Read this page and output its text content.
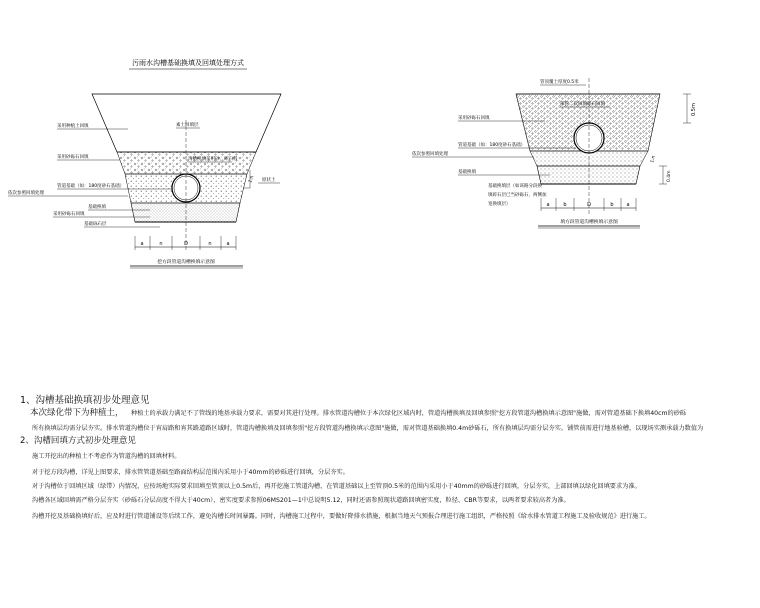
污雨水沟槽基础换填及回填处理方式
采用种植土回填
采用砂砾石回填
管道基础（如：180度砂石基础）
依次参照回填处理
基础换填
采用砂砾石回填
基础砾石层
素土回填层
沟槽换填采用砂、碎石料
1:n 原状土
a	n	D	n	a
挖方段管道沟槽换填示意图
管顶覆土厚度0.5米
部管二次回填碎石回填
采用砂砾石回填
管道基础（如：180度砂石基础）
依次参照回填处理
基础换填
基础换填层（如该路分段换
填碎石层已当砂砾石，两侧加
宽换填层）
0.5m
0.4m
1:n
a	b	D	b	a
填方段管道沟槽换填示意图
1、沟槽基础换填初步处理意见
本次绿化带下为种植土， 种植土的承载力满足不了管线的地基承载力要求，需要对其进行处理。排水管道沟槽位于本次绿化区域内时，管道沟槽换填及回填参照"挖方段管道沟槽换填示意图"施做，需对管道基础下换填40cm的砂砾
所有换填层均需分层夯实。排水管道沟槽位于宵肩路和宵其路道路区域时，管道沟槽换填及回填参照"挖方段管道沟槽换填示意图"施做，需对管道基础换填0.4m砂砾石，所有换填层均需分层夯实。铺管前需进行地基验槽，以现场实测承载力数值为
2、沟槽回填方式初步处理意见
施工开挖出的种植土不考虑作为管道沟槽的回填材料。
对于挖方段沟槽，详见上图要求，排水管管道基础至路面结构层范围内采用小于40mm的砂砾进行回填，分层夯实。
对于沟槽位于回填区域（绿带）内情况，应按场地实际要求回填至管顶以上0.5m后，再开挖施工管道沟槽，在管道基础以上至管顶0.5米的范围内采用小于40mm的砂砾进行回填，分层夯实，上部回填以绿化回填要求为准。
沟槽各区域回填需严格分层夯实（砂砾石分层高度不得大于40cm），密实度要求参照06MS201—1中总说明5.12，同时还需参照现状道路回填密实度，粒径、CBR等要求，以两者要求较高者为准。
沟槽开挖及基础换填好后，应及时进行管道铺设等后续工作，避免沟槽长时间暴露。同时，沟槽施工过程中，要做好降排水措施，根据当地天气预报合理进行施工组织，严格按照《给水排水管道工程施工及验收规范》进行施工。
